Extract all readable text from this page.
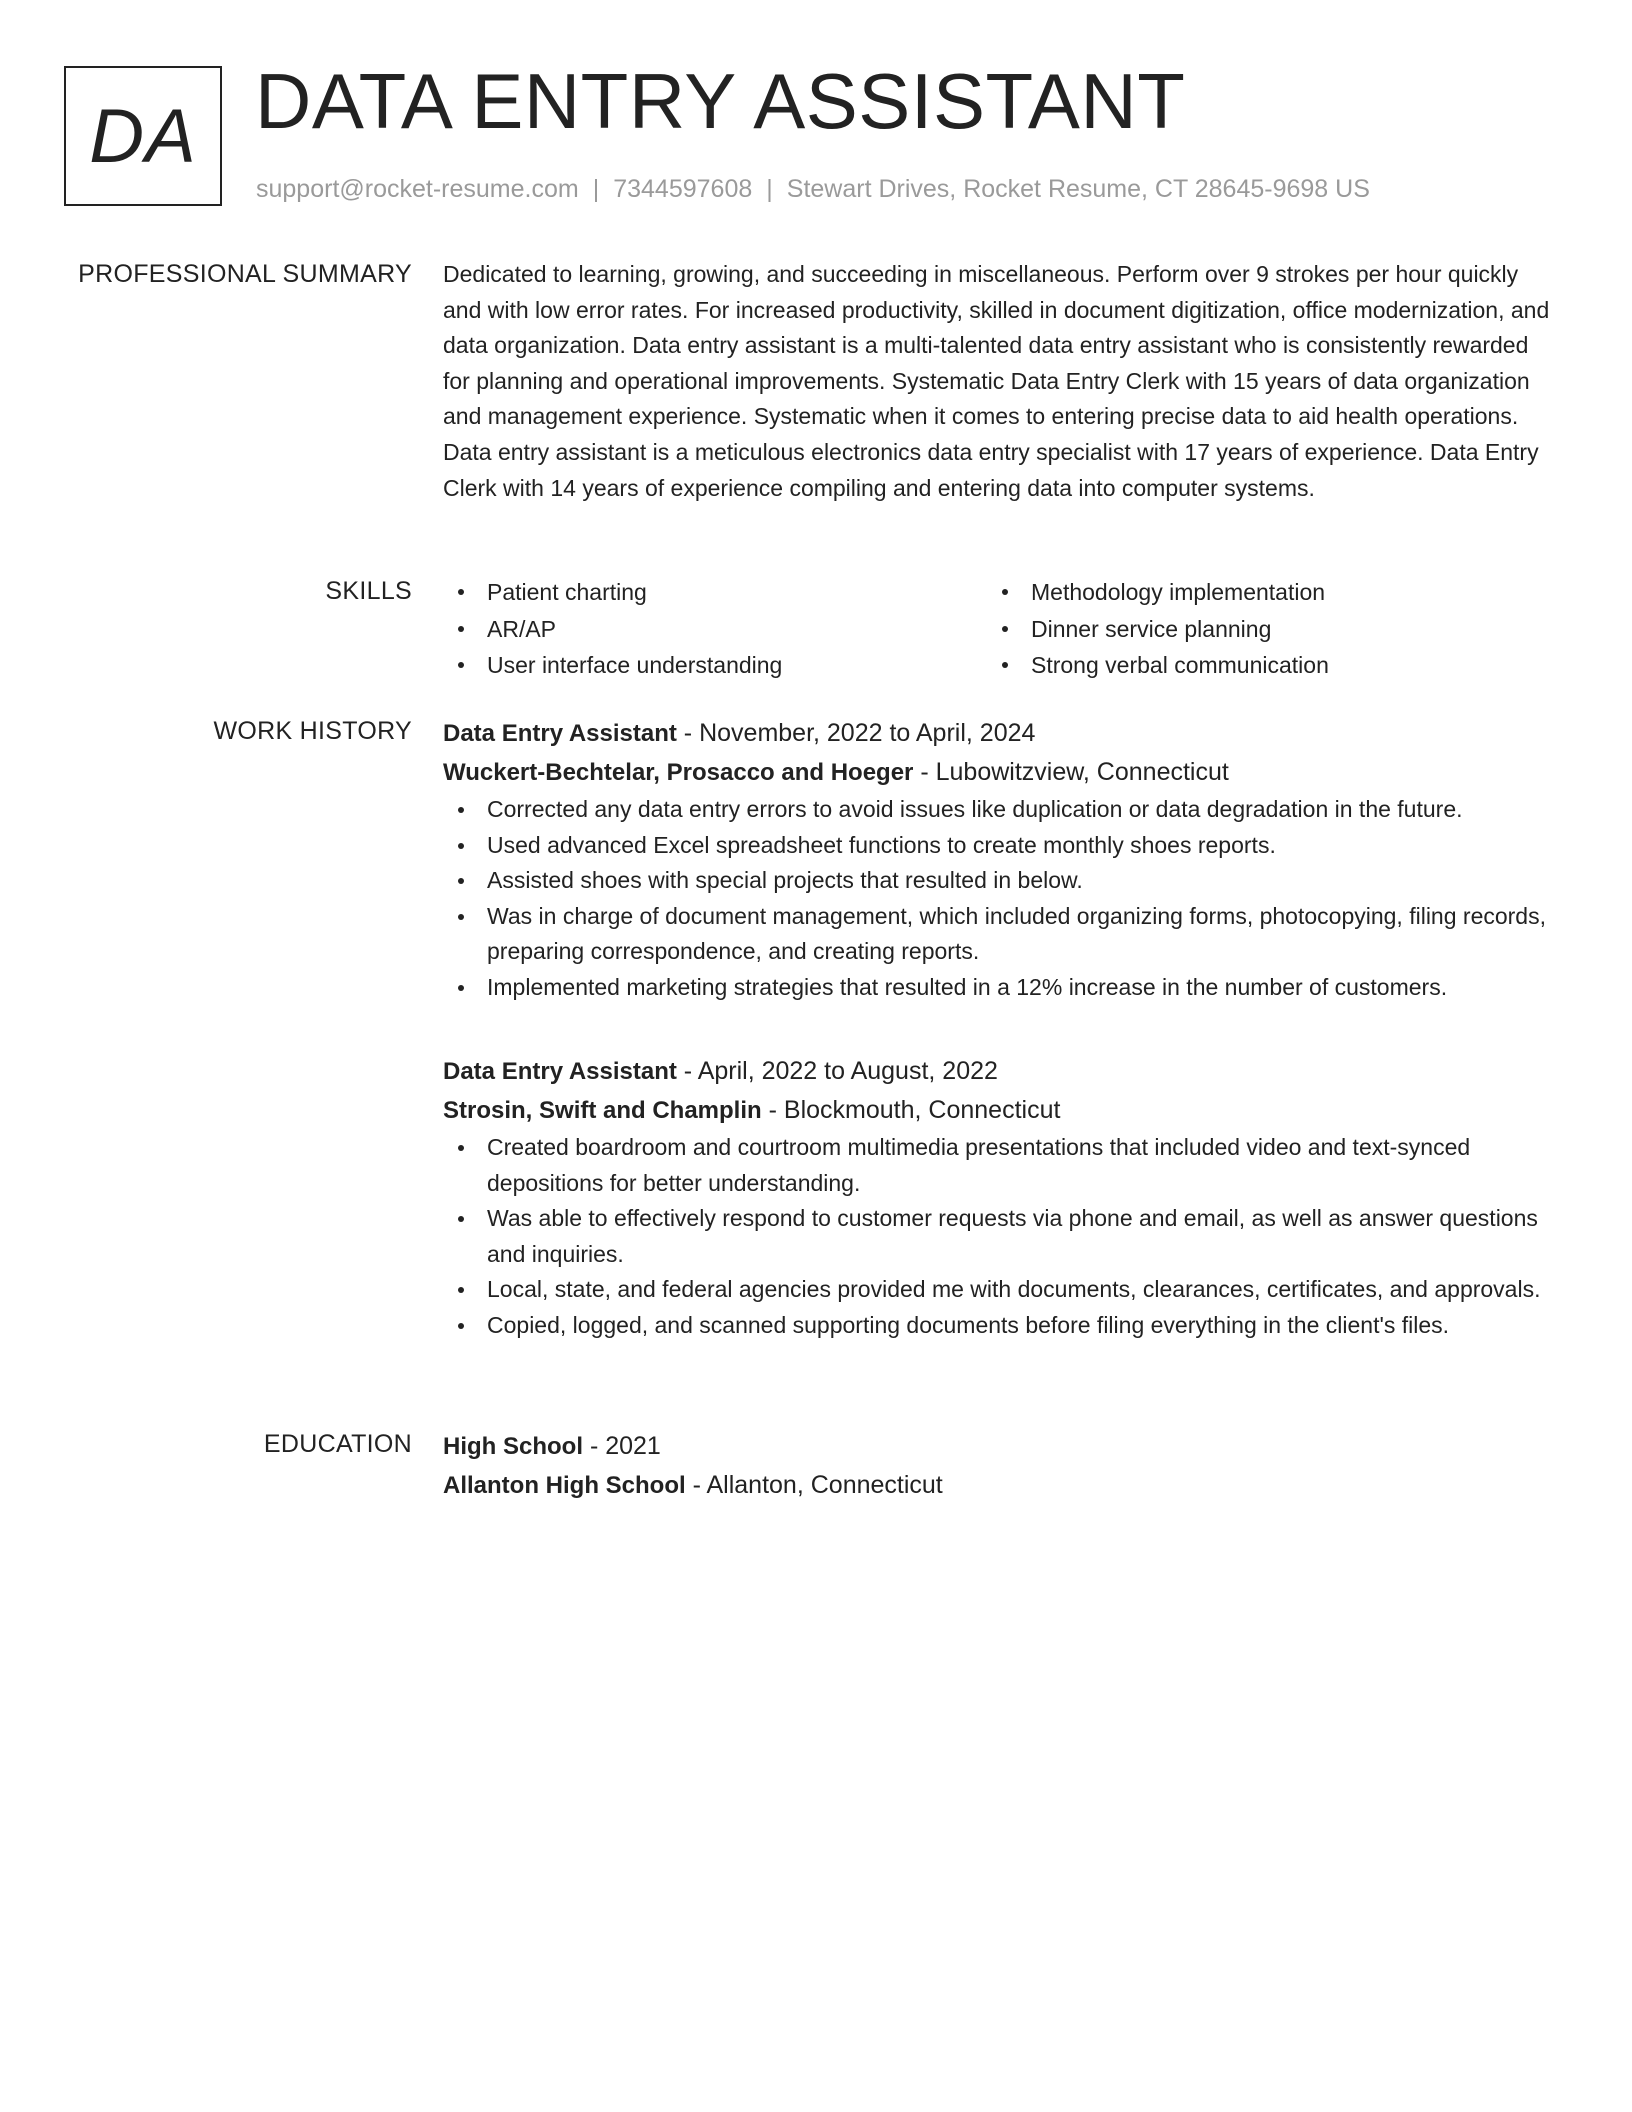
DA DATA ENTRY ASSISTANT
support@rocket-resume.com | 7344597608 | Stewart Drives, Rocket Resume, CT 28645-9698 US
PROFESSIONAL SUMMARY Dedicated to learning, growing, and succeeding in miscellaneous. Perform over 9 strokes per hour quickly and with low error rates. For increased productivity, skilled in document digitization, office modernization, and data organization. Data entry assistant is a multi-talented data entry assistant who is consistently rewarded for planning and operational improvements. Systematic Data Entry Clerk with 15 years of data organization and management experience. Systematic when it comes to entering precise data to aid health operations. Data entry assistant is a meticulous electronics data entry specialist with 17 years of experience. Data Entry Clerk with 14 years of experience compiling and entering data into computer systems.

SKILLS	Patient charting
AR/AP
User interface understanding
Methodology implementation
Dinner service planning
Strong verbal communication
WORK HISTORY Data Entry Assistant - November, 2022 to April, 2024
Wuckert-Bechtelar, Prosacco and Hoeger - Lubowitzview, Connecticut
Corrected any data entry errors to avoid issues like duplication or data degradation in the future.
Used advanced Excel spreadsheet functions to create monthly shoes reports.
Assisted shoes with special projects that resulted in below.
Was in charge of document management, which included organizing forms, photocopying, filing records, preparing correspondence, and creating reports.
Implemented marketing strategies that resulted in a 12% increase in the number of customers.
Data Entry Assistant - April, 2022 to August, 2022
Strosin, Swift and Champlin - Blockmouth, Connecticut
Created boardroom and courtroom multimedia presentations that included video and text-synced depositions for better understanding.
Was able to effectively respond to customer requests via phone and email, as well as answer questions and inquiries.
Local, state, and federal agencies provided me with documents, clearances, certificates, and approvals.
Copied, logged, and scanned supporting documents before filing everything in the client's files.
EDUCATION High School - 2021
Allanton High School - Allanton, Connecticut
